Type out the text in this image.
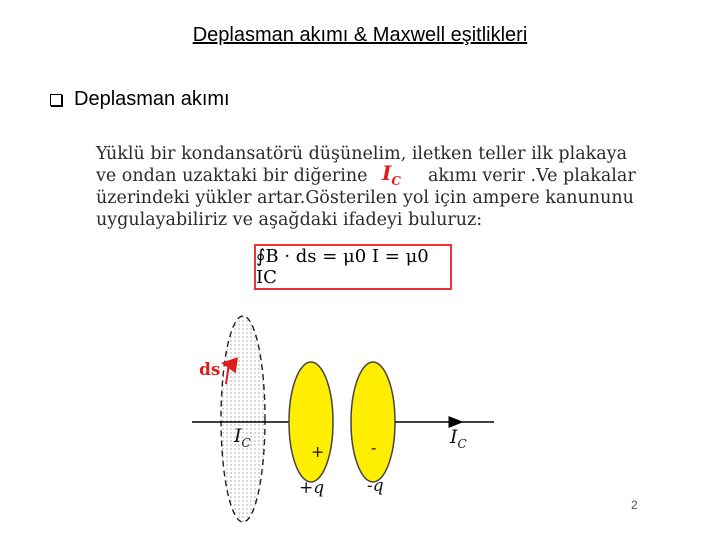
Deplasman akımı & Maxwell eşitlikleri
Deplasman akımı
Yüklü bir kondansatörü düşünelim, iletken teller ilk plakaya
ve ondan uzaktaki bir diğerine $I_C$ akımı verir .Ve plakalar
üzerindeki yükler artar.Gösterilen yol için ampere kanununu
uygulayabiliriz ve aşağdaki ifadeyi buluruz:
∮B · ds = μ0 I = μ0 IC
ds
$I_C$	$I_C$
+	-
+q	-q
2
